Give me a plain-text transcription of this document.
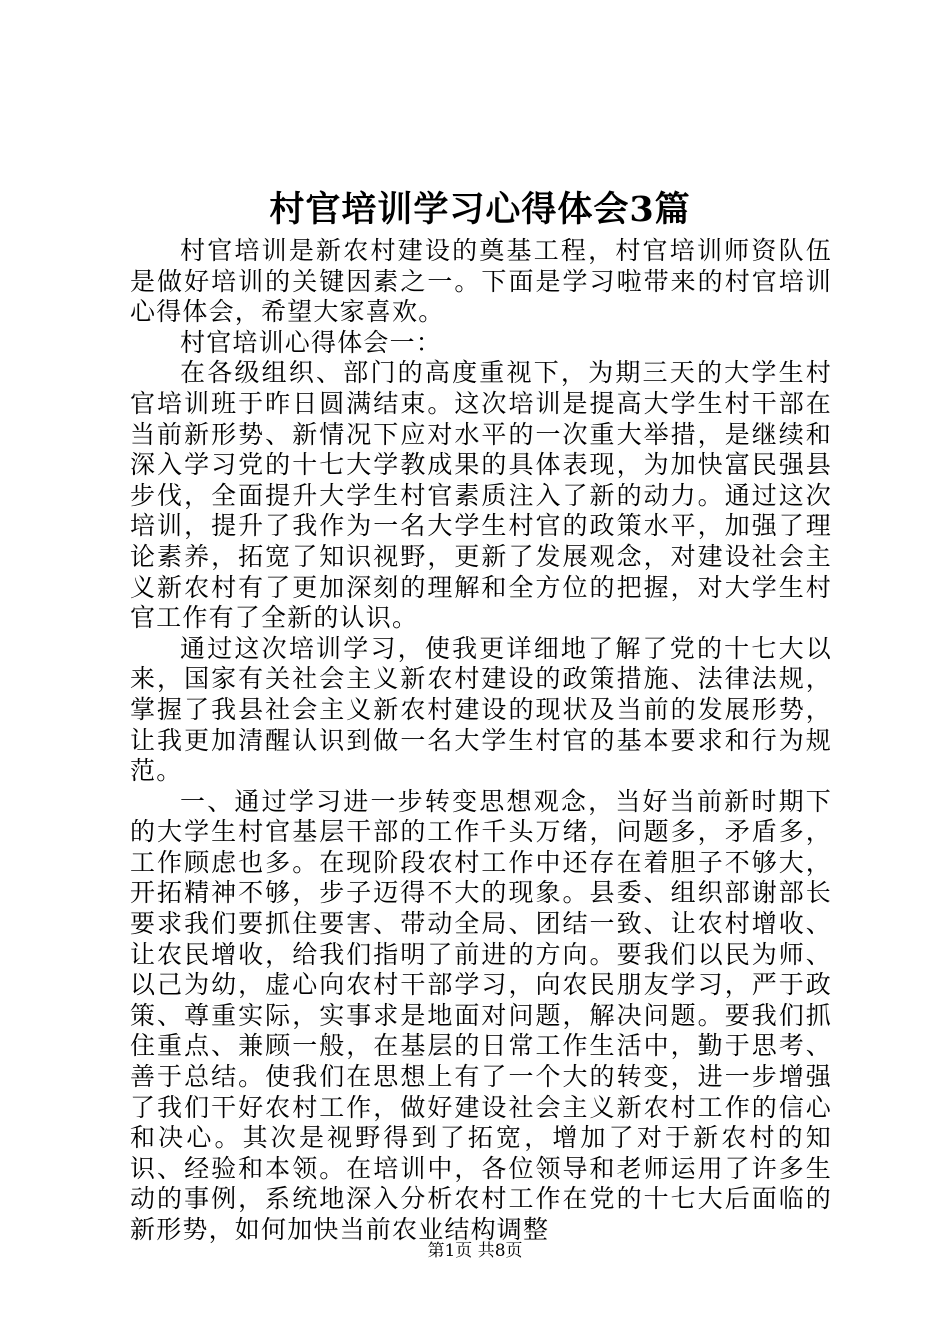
村官培训学习心得体会3篇

村官培训是新农村建设的奠基工程，村官培训师资队伍是做好培训的关键因素之一。下面是学习啦带来的村官培训心得体会，希望大家喜欢。

村官培训心得体会一：

在各级组织、部门的高度重视下，为期三天的大学生村官培训班于昨日圆满结束。这次培训是提高大学生村干部在当前新形势、新情况下应对水平的一次重大举措，是继续和深入学习党的十七大学教成果的具体表现，为加快富民强县步伐，全面提升大学生村官素质注入了新的动力。通过这次培训，提升了我作为一名大学生村官的政策水平，加强了理论素养，拓宽了知识视野，更新了发展观念，对建设社会主义新农村有了更加深刻的理解和全方位的把握，对大学生村官工作有了全新的认识。

通过这次培训学习，使我更详细地了解了党的十七大以来，国家有关社会主义新农村建设的政策措施、法律法规，掌握了我县社会主义新农村建设的现状及当前的发展形势，让我更加清醒认识到做一名大学生村官的基本要求和行为规范。

一、通过学习进一步转变思想观念，当好当前新时期下的大学生村官基层干部的工作千头万绪，问题多，矛盾多，工作顾虑也多。在现阶段农村工作中还存在着胆子不够大，开拓精神不够，步子迈得不大的现象。县委、组织部谢部长要求我们要抓住要害、带动全局、团结一致、让农村增收、让农民增收，给我们指明了前进的方向。要我们以民为师、以己为幼，虚心向农村干部学习，向农民朋友学习，严于政策、尊重实际，实事求是地面对问题，解决问题。要我们抓住重点、兼顾一般，在基层的日常工作生活中，勤于思考、善于总结。使我们在思想上有了一个大的转变，进一步增强了我们干好农村工作，做好建设社会主义新农村工作的信心和决心。其次是视野得到了拓宽，增加了对于新农村的知识、经验和本领。在培训中，各位领导和老师运用了许多生动的事例，系统地深入分析农村工作在党的十七大后面临的新形势，如何加快当前农业结构调整

第1页 共8页
